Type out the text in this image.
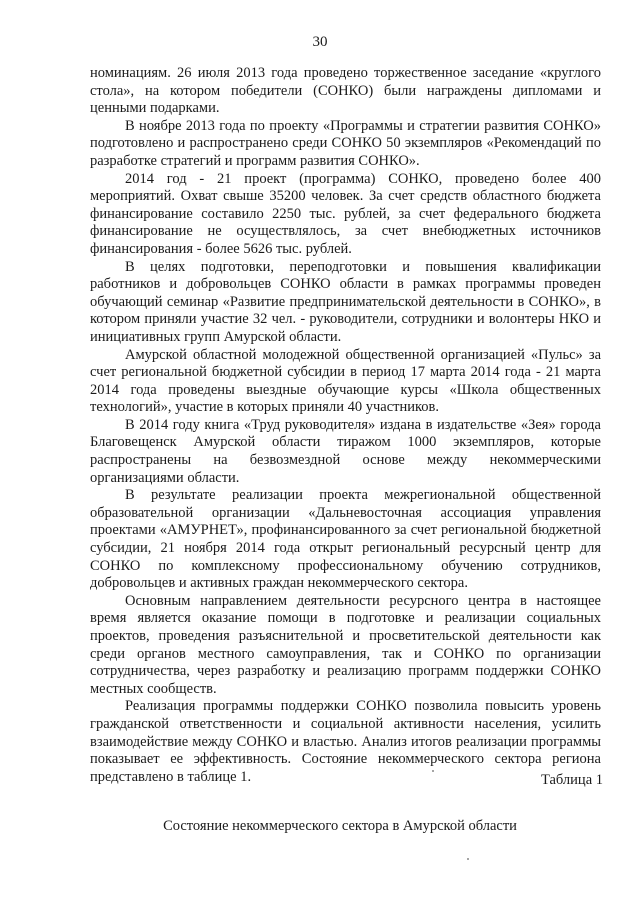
30

номинациям. 26 июля 2013 года проведено торжественное заседание «круглого стола», на котором победители (СОНКО) были награждены дипломами и ценными подарками.

В ноябре 2013 года по проекту «Программы и стратегии развития СОНКО» подготовлено и распространено среди СОНКО 50 экземпляров «Рекомендаций по разработке стратегий и программ развития СОНКО».

2014 год - 21 проект (программа) СОНКО, проведено более 400 мероприятий. Охват свыше 35200 человек. За счет средств областного бюджета финансирование составило 2250 тыс. рублей, за счет федерального бюджета финансирование не осуществлялось, за счет внебюджетных источников финансирования - более 5626 тыс. рублей.

В целях подготовки, переподготовки и повышения квалификации работников и добровольцев СОНКО области в рамках программы проведен обучающий семинар «Развитие предпринимательской деятельности в СОНКО», в котором приняли участие 32 чел. - руководители, сотрудники и волонтеры НКО и инициативных групп Амурской области.

Амурской областной молодежной общественной организацией «Пульс» за счет региональной бюджетной субсидии в период 17 марта 2014 года - 21 марта 2014 года проведены выездные обучающие курсы «Школа общественных технологий», участие в которых приняли 40 участников.

В 2014 году книга «Труд руководителя» издана в издательстве «Зея» города Благовещенск Амурской области тиражом 1000 экземпляров, которые распространены на безвозмездной основе между некоммерческими организациями области.

В результате реализации проекта межрегиональной общественной образовательной организации «Дальневосточная ассоциация управления проектами «АМУРНЕТ», профинансированного за счет региональной бюджетной субсидии, 21 ноября 2014 года открыт региональный ресурсный центр для СОНКО по комплексному профессиональному обучению сотрудников, добровольцев и активных граждан некоммерческого сектора.

Основным направлением деятельности ресурсного центра в настоящее время является оказание помощи в подготовке и реализации социальных проектов, проведения разъяснительной и просветительской деятельности как среди органов местного самоуправления, так и СОНКО по организации сотрудничества, через разработку и реализацию программ поддержки СОНКО местных сообществ.

Реализация программы поддержки СОНКО позволила повысить уровень гражданской ответственности и социальной активности населения, усилить взаимодействие между СОНКО и властью. Анализ итогов реализации программы показывает ее эффективность. Состояние некоммерческого сектора региона представлено в таблице 1.	Таблица 1
Состояние некоммерческого сектора в Амурской области
